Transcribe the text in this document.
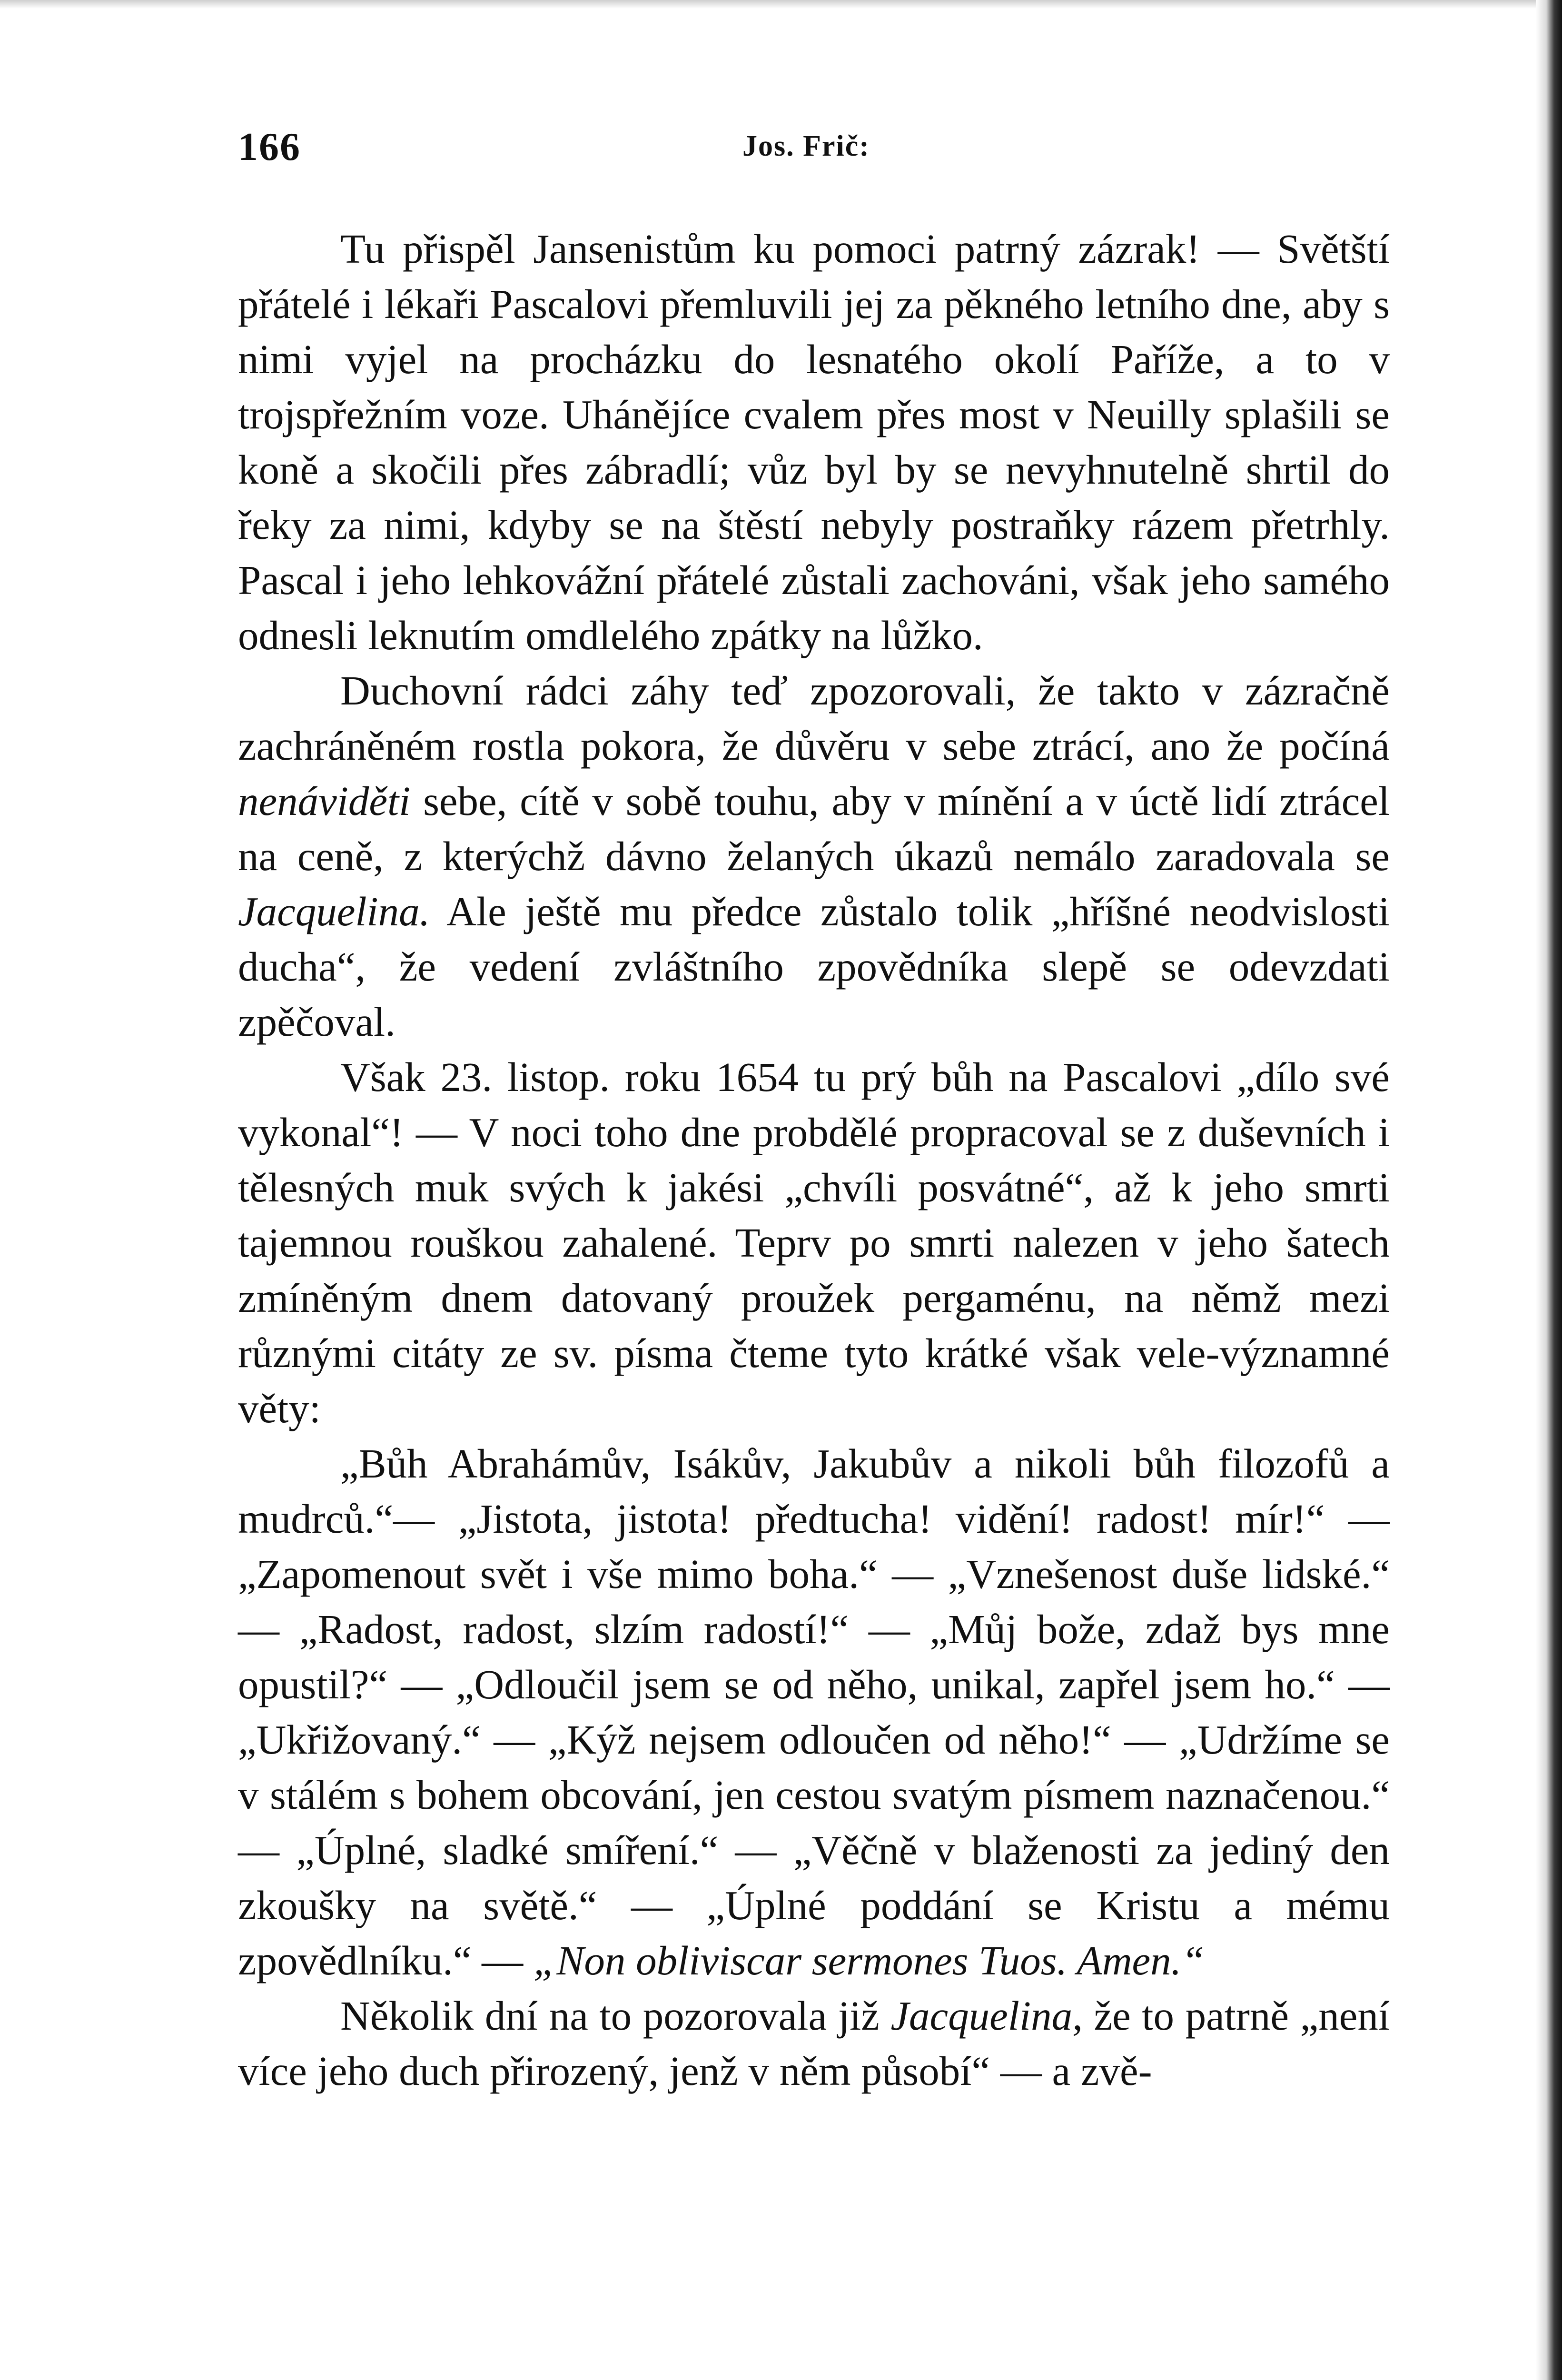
166	Jos. Frič:

Tu přispěl Jansenistům ku pomoci patrný zázrak! — Světští přátelé i lékaři Pascalovi přemluvili jej za pěkného letního dne, aby s nimi vyjel na procházku do lesnatého okolí Paříže, a to v trojspřežním voze. Uhánějíce cvalem přes most v Neuilly splašili se koně a skočili přes zábradlí; vůz byl by se nevyhnutelně shrtil do řeky za nimi, kdyby se na štěstí nebyly postraňky rázem přetrhly. Pascal i jeho lehkovážní přátelé zůstali zachováni, však jeho samého odnesli leknutím omdlelého zpátky na lůžko.

Duchovní rádci záhy teď zpozorovali, že takto v zázračně zachráněném rostla pokora, že důvěru v sebe ztrácí, ano že počíná nenáviděti sebe, cítě v sobě touhu, aby v mínění a v úctě lidí ztrácel na ceně, z kterýchž dávno želaných úkazů nemálo zaradovala se Jacquelina. Ale ještě mu předce zůstalo tolik „hříšné neodvislosti ducha“, že vedení zvláštního zpovědníka slepě se odevzdati zpěčoval.

Však 23. listop. roku 1654 tu prý bůh na Pascalovi „dílo své vykonal“! — V noci toho dne probdělé propracoval se z duševních i tělesných muk svých k jakési „chvíli posvátné“, až k jeho smrti tajemnou rouškou zahalené. Teprv po smrti nalezen v jeho šatech zmíněným dnem datovaný proužek pergaménu, na němž mezi různými citáty ze sv. písma čteme tyto krátké však vele-významné věty:

„Bůh Abrahámův, Isákův, Jakubův a nikoli bůh filozofů a mudrců.“— „Jistota, jistota! předtucha! vidění! radost! mír!“ — „Zapomenout svět i vše mimo boha.“ — „Vznešenost duše lidské.“ — „Radost, radost, slzím radostí!“ — „Můj bože, zdaž bys mne opustil?“ — „Odloučil jsem se od něho, unikal, zapřel jsem ho.“ — „Ukřižovaný.“ — „Kýž nejsem odloučen od něho!“ — „Udržíme se v stálém s bohem obcování, jen cestou svatým písmem naznačenou.“ — „Úplné, sladké smíření.“ — „Věčně v blaženosti za jediný den zkoušky na světě.“ — „Úplné poddání se Kristu a mému zpovědlníku.“ — „Non obliviscar sermones Tuos. Amen.“

Několik dní na to pozorovala již Jacquelina, že to patrně „není více jeho duch přirozený, jenž v něm působí“ — a zvě-
